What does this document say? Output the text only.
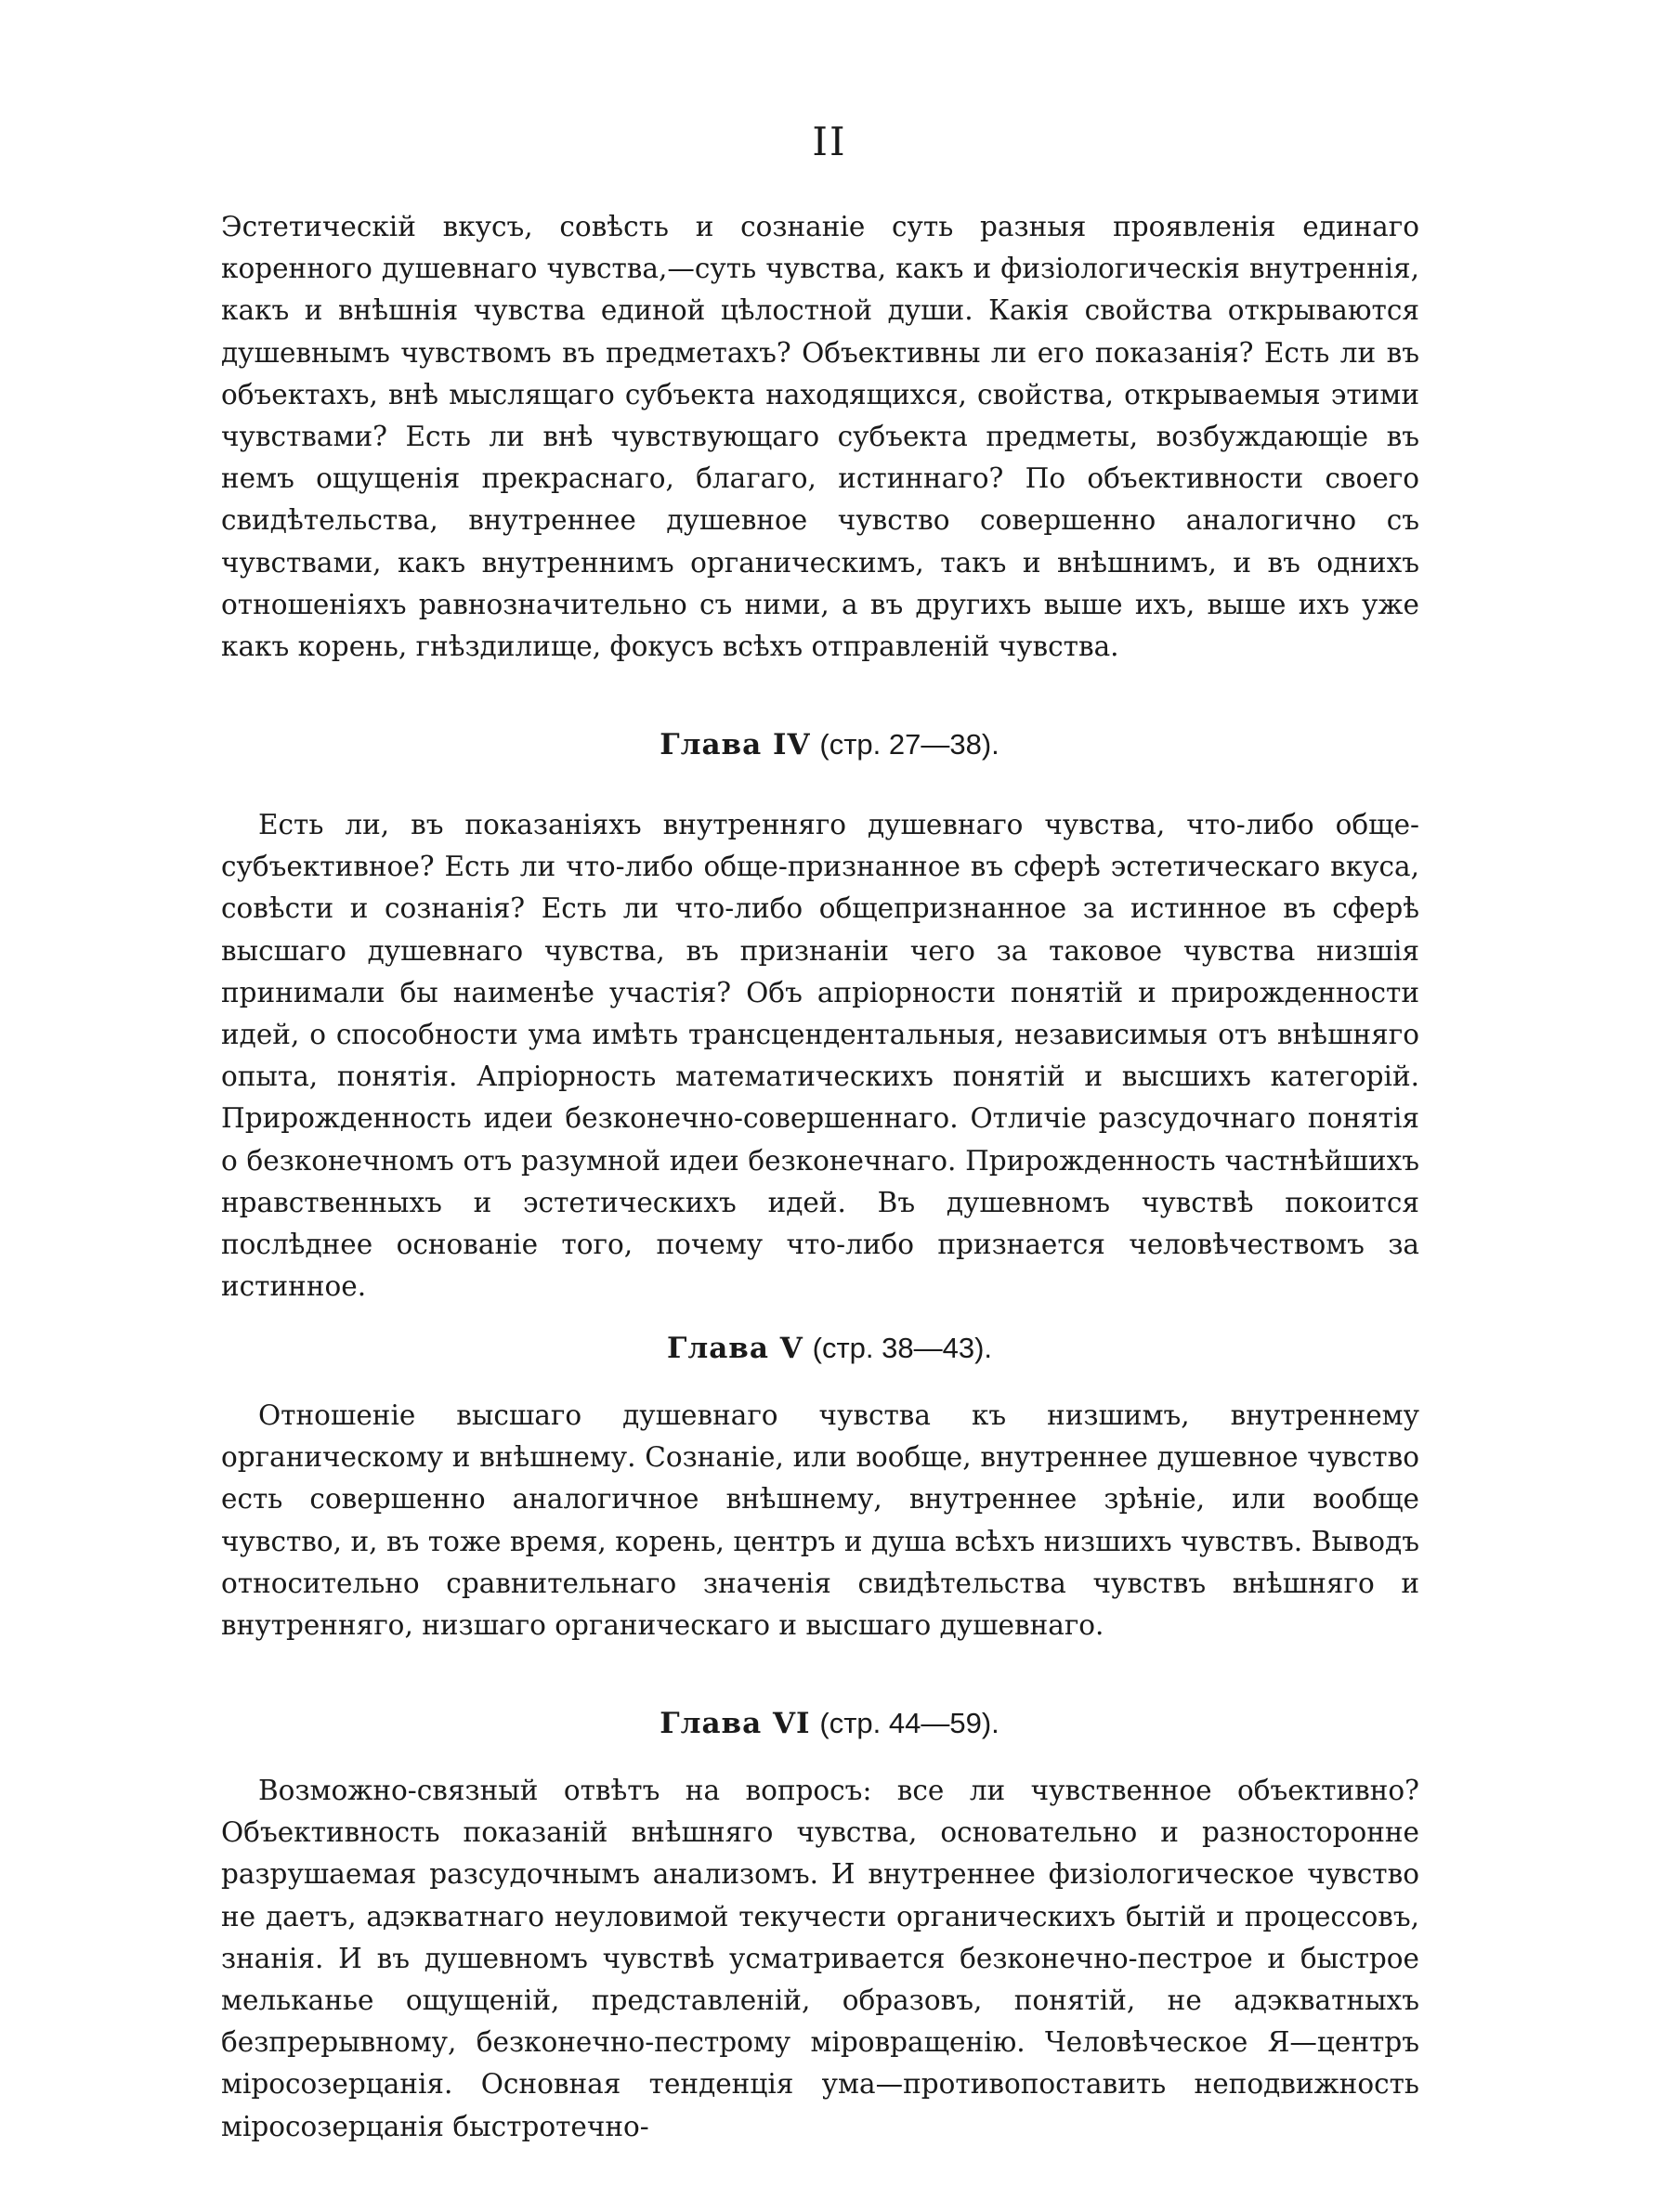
II

Эстетическій вкусъ, совѣсть и сознаніе суть разныя проявленія единаго коренного душевнаго чувства,—суть чувства, какъ и физіологическія внутреннія, какъ и внѣшнія чувства единой цѣлостной души. Какія свойства открываются душевнымъ чувствомъ въ предметахъ? Объективны ли его показанія? Есть ли въ объектахъ, внѣ мыслящаго субъекта находящихся, свойства, открываемыя этими чувствами? Есть ли внѣ чувствующаго субъекта предметы, возбуждающіе въ немъ ощущенія прекраснаго, благаго, истиннаго? По объективности своего свидѣтельства, внутреннее душевное чувство совершенно аналогично съ чувствами, какъ внутреннимъ органическимъ, такъ и внѣшнимъ, и въ однихъ отношеніяхъ равнозначительно съ ними, а въ другихъ выше ихъ, выше ихъ уже какъ корень, гнѣздилище, фокусъ всѣхъ отправленій чувства.

Глава IV (стр. 27—38).

Есть ли, въ показаніяхъ внутренняго душевнаго чувства, что-либо обще-субъективное? Есть ли что-либо обще-признанное въ сферѣ эстетическаго вкуса, совѣсти и сознанія? Есть ли что-либо общепризнанное за истинное въ сферѣ высшаго душевнаго чувства, въ признаніи чего за таковое чувства низшія принимали бы наименѣе участія? Объ апріорности понятій и прирожденности идей, о способности ума имѣть трансцендентальныя, независимыя отъ внѣшняго опыта, понятія. Апріорность математическихъ понятій и высшихъ категорій. Прирожденность идеи безконечно-совершеннаго. Отличіе разсудочнаго понятія о безконечномъ отъ разумной идеи безконечнаго. Прирожденность частнѣйшихъ нравственныхъ и эстетическихъ идей. Въ душевномъ чувствѣ покоится послѣднее основаніе того, почему что-либо признается человѣчествомъ за истинное.

Глава V (стр. 38—43).

Отношеніе высшаго душевнаго чувства къ низшимъ, внутреннему органическому и внѣшнему. Сознаніе, или вообще, внутреннее душевное чувство есть совершенно аналогичное внѣшнему, внутреннее зрѣніе, или вообще чувство, и, въ тоже время, корень, центръ и душа всѣхъ низшихъ чувствъ. Выводъ относительно сравнительнаго значенія свидѣтельства чувствъ внѣшняго и внутренняго, низшаго органическаго и высшаго душевнаго.

Глава VI (стр. 44—59).

Возможно-связный отвѣтъ на вопросъ: все ли чувственное объективно? Объективность показаній внѣшняго чувства, основательно и разносторонне разрушаемая разсудочнымъ анализомъ. И внутреннее физіологическое чувство не даетъ, адэкватнаго неуловимой текучести органическихъ бытій и процессовъ, знанія. И въ душевномъ чувствѣ усматривается безконечно-пестрое и быстрое мельканье ощущеній, представленій, образовъ, понятій, не адэкватныхъ безпрерывному, безконечно-пестрому міровращенію. Человѣческое Я—центръ міросозерцанія. Основная тенденція ума—противопоставить неподвижность міросозерцанія быстротечно-
